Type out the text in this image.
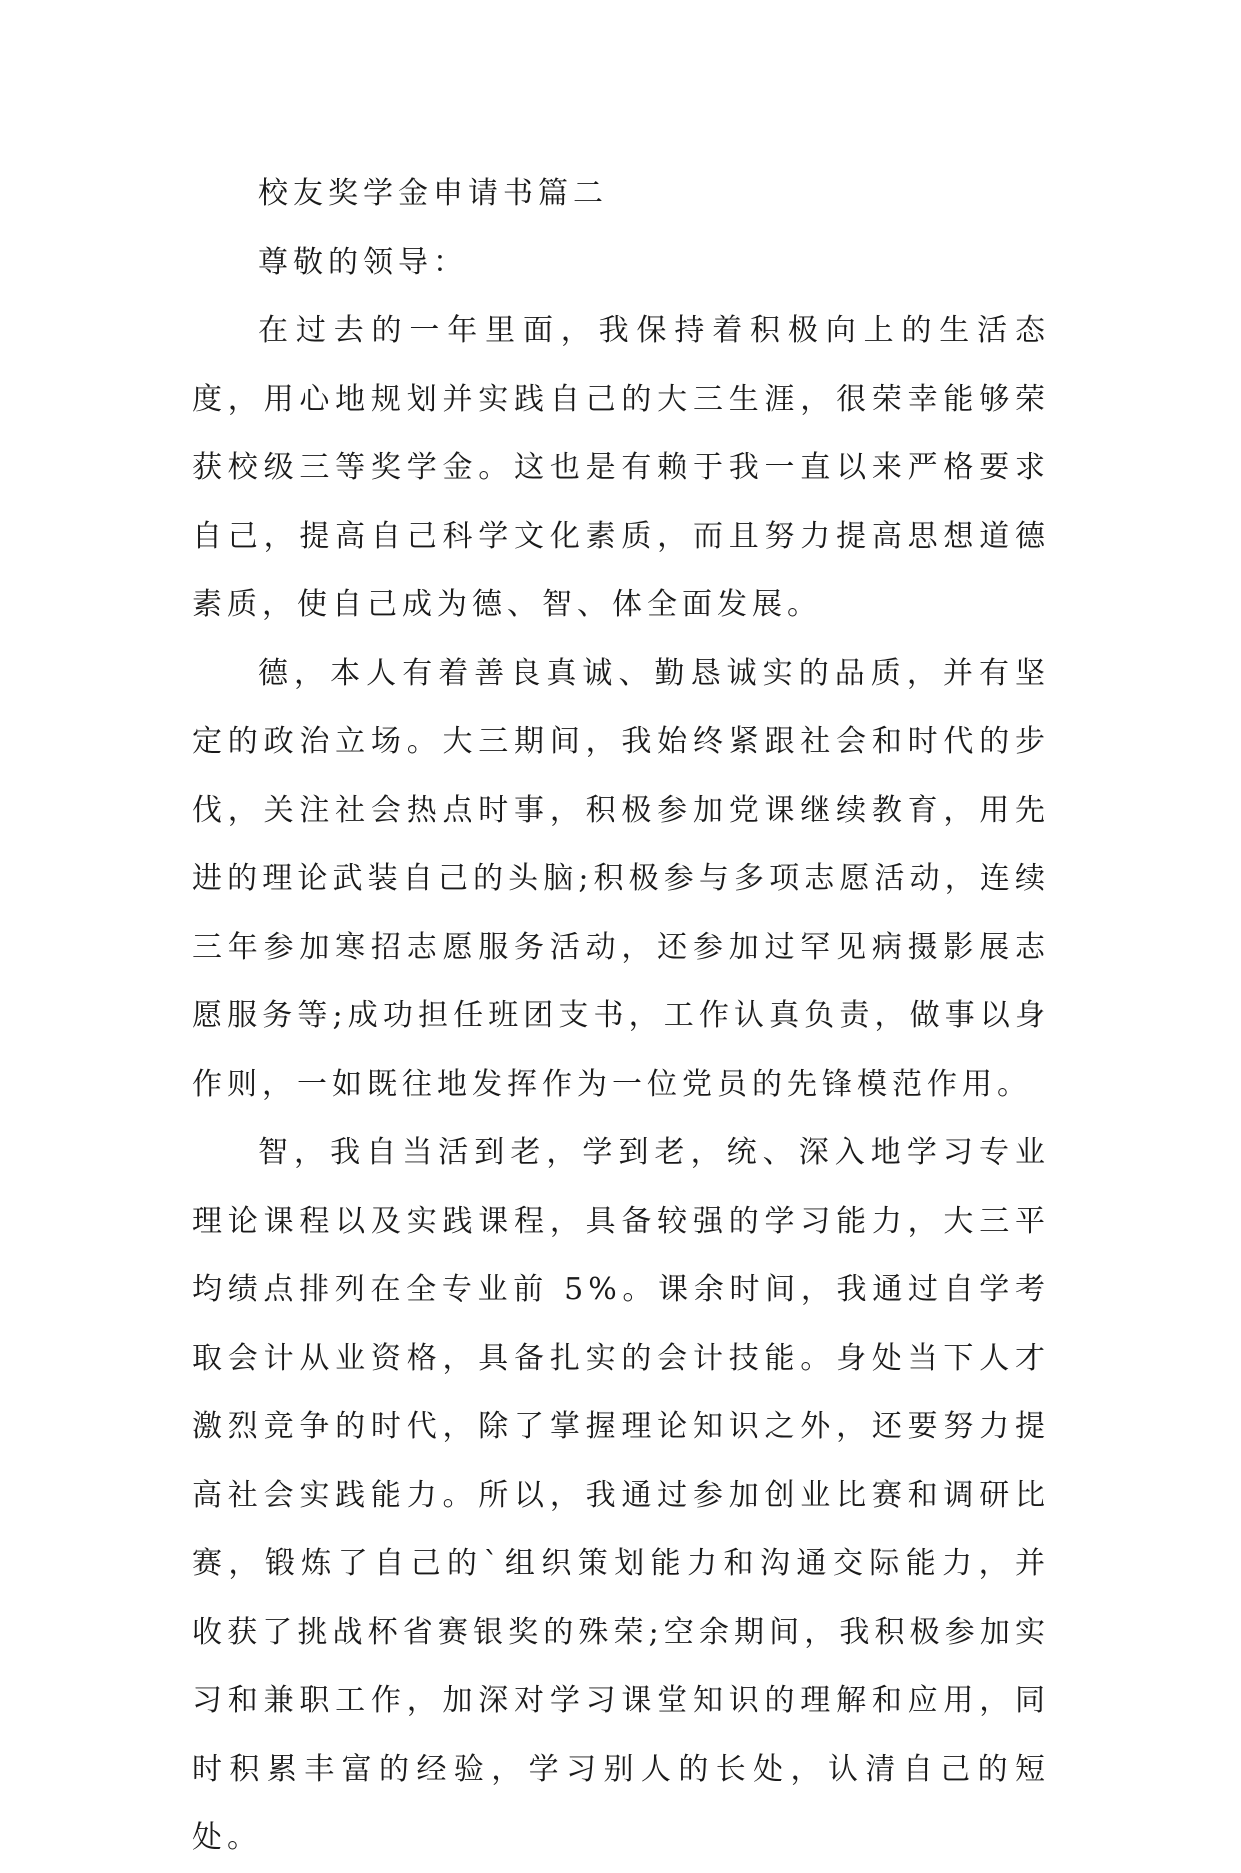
校友奖学金申请书篇二

尊敬的领导：

在过去的一年里面，我保持着积极向上的生活态度，用心地规划并实践自己的大三生涯，很荣幸能够荣获校级三等奖学金。这也是有赖于我一直以来严格要求自己，提高自己科学文化素质，而且努力提高思想道德素质，使自己成为德、智、体全面发展。

德，本人有着善良真诚、勤恳诚实的品质，并有坚定的政治立场。大三期间，我始终紧跟社会和时代的步伐，关注社会热点时事，积极参加党课继续教育，用先进的理论武装自己的头脑;积极参与多项志愿活动，连续三年参加寒招志愿服务活动，还参加过罕见病摄影展志愿服务等;成功担任班团支书，工作认真负责，做事以身作则，一如既往地发挥作为一位党员的先锋模范作用。

智，我自当活到老，学到老，统、深入地学习专业理论课程以及实践课程，具备较强的学习能力，大三平均绩点排列在全专业前 5%。课余时间，我通过自学考取会计从业资格，具备扎实的会计技能。身处当下人才激烈竞争的时代，除了掌握理论知识之外，还要努力提高社会实践能力。所以，我通过参加创业比赛和调研比赛，锻炼了自己的`组织策划能力和沟通交际能力，并收获了挑战杯省赛银奖的殊荣;空余期间，我积极参加实习和兼职工作，加深对学习课堂知识的理解和应用，同时积累丰富的经验，学习别人的长处，认清自己的短处。
